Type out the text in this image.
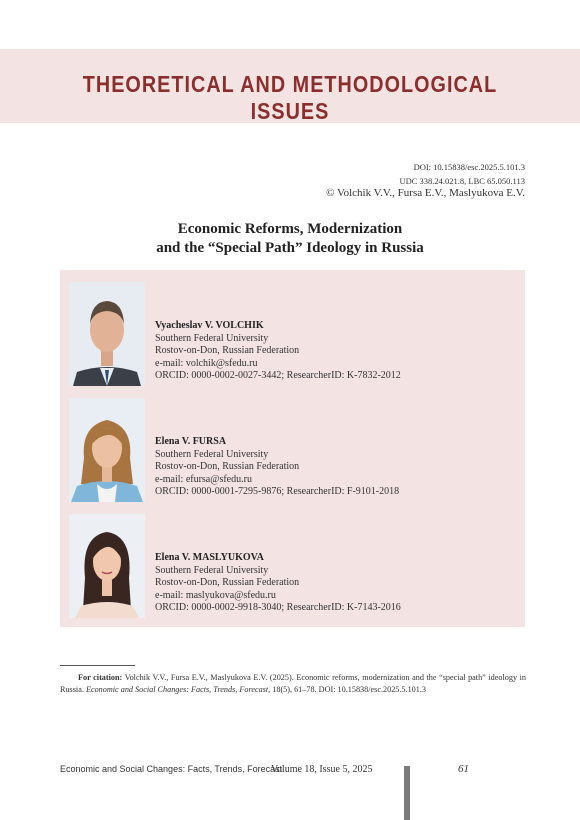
THEORETICAL AND METHODOLOGICAL ISSUES
DOI: 10.15838/esc.2025.5.101.3
UDC 338.24.021.8, LBC 65.050.113
© Volchik V.V., Fursa E.V., Maslyukova E.V.
Economic Reforms, Modernization
and the “Special Path” Ideology in Russia
Vyacheslav V. VOLCHIK
Southern Federal University
Rostov-on-Don, Russian Federation
e-mail: volchik@sfedu.ru
ORCID: 0000-0002-0027-3442; ResearcherID: K-7832-2012
Elena V. FURSA
Southern Federal University
Rostov-on-Don, Russian Federation
e-mail: efursa@sfedu.ru
ORCID: 0000-0001-7295-9876; ResearcherID: F-9101-2018
Elena V. MASLYUKOVA
Southern Federal University
Rostov-on-Don, Russian Federation
e-mail: maslyukova@sfedu.ru
ORCID: 0000-0002-9918-3040; ResearcherID: K-7143-2016
For citation: Volchik V.V., Fursa E.V., Maslyukova E.V. (2025). Economic reforms, modernization and the “special path” ideology in Russia. Economic and Social Changes: Facts, Trends, Forecast, 18(5), 61–78. DOI: 10.15838/esc.2025.5.101.3
Economic and Social Changes: Facts, Trends, Forecast
Volume 18, Issue 5, 2025	61
